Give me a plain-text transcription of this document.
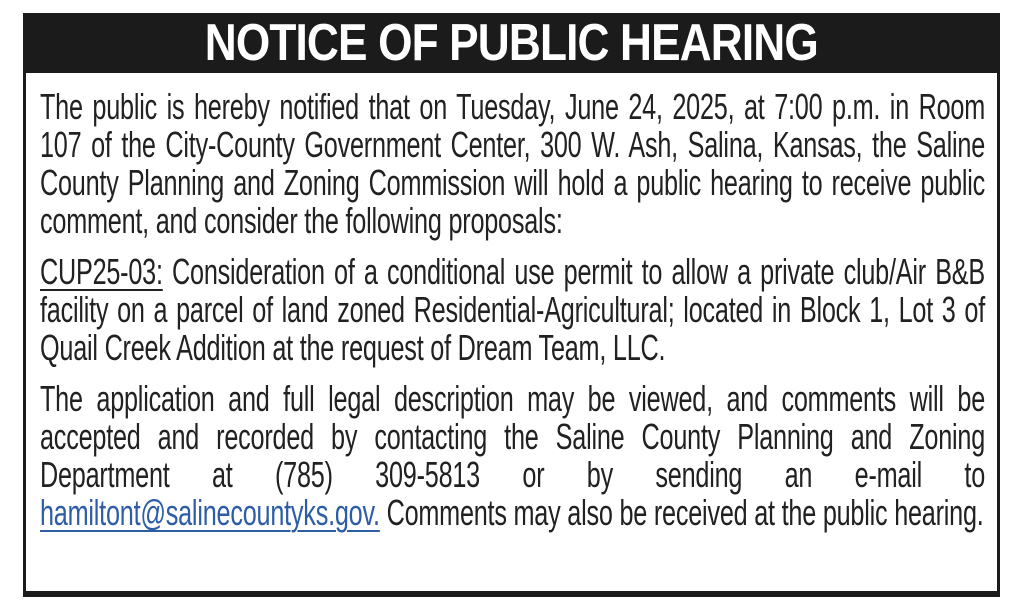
NOTICE OF PUBLIC HEARING

The public is hereby notified that on Tuesday, June 24, 2025, at 7:00 p.m. in Room 107 of the City-County Government Center, 300 W. Ash, Salina, Kansas, the Saline County Planning and Zoning Commission will hold a public hearing to receive public comment, and consider the following proposals:

CUP25-03: Consideration of a conditional use permit to allow a private club/Air B&B facility on a parcel of land zoned Residential-Agricultural; located in Block 1, Lot 3 of Quail Creek Addition at the request of Dream Team, LLC.

The application and full legal description may be viewed, and comments will be accepted and recorded by contacting the Saline County Planning and Zoning Department at (785) 309-5813 or by sending an e-mail to hamiltont@salinecountyks.gov. Comments may also be received at the public hearing.
